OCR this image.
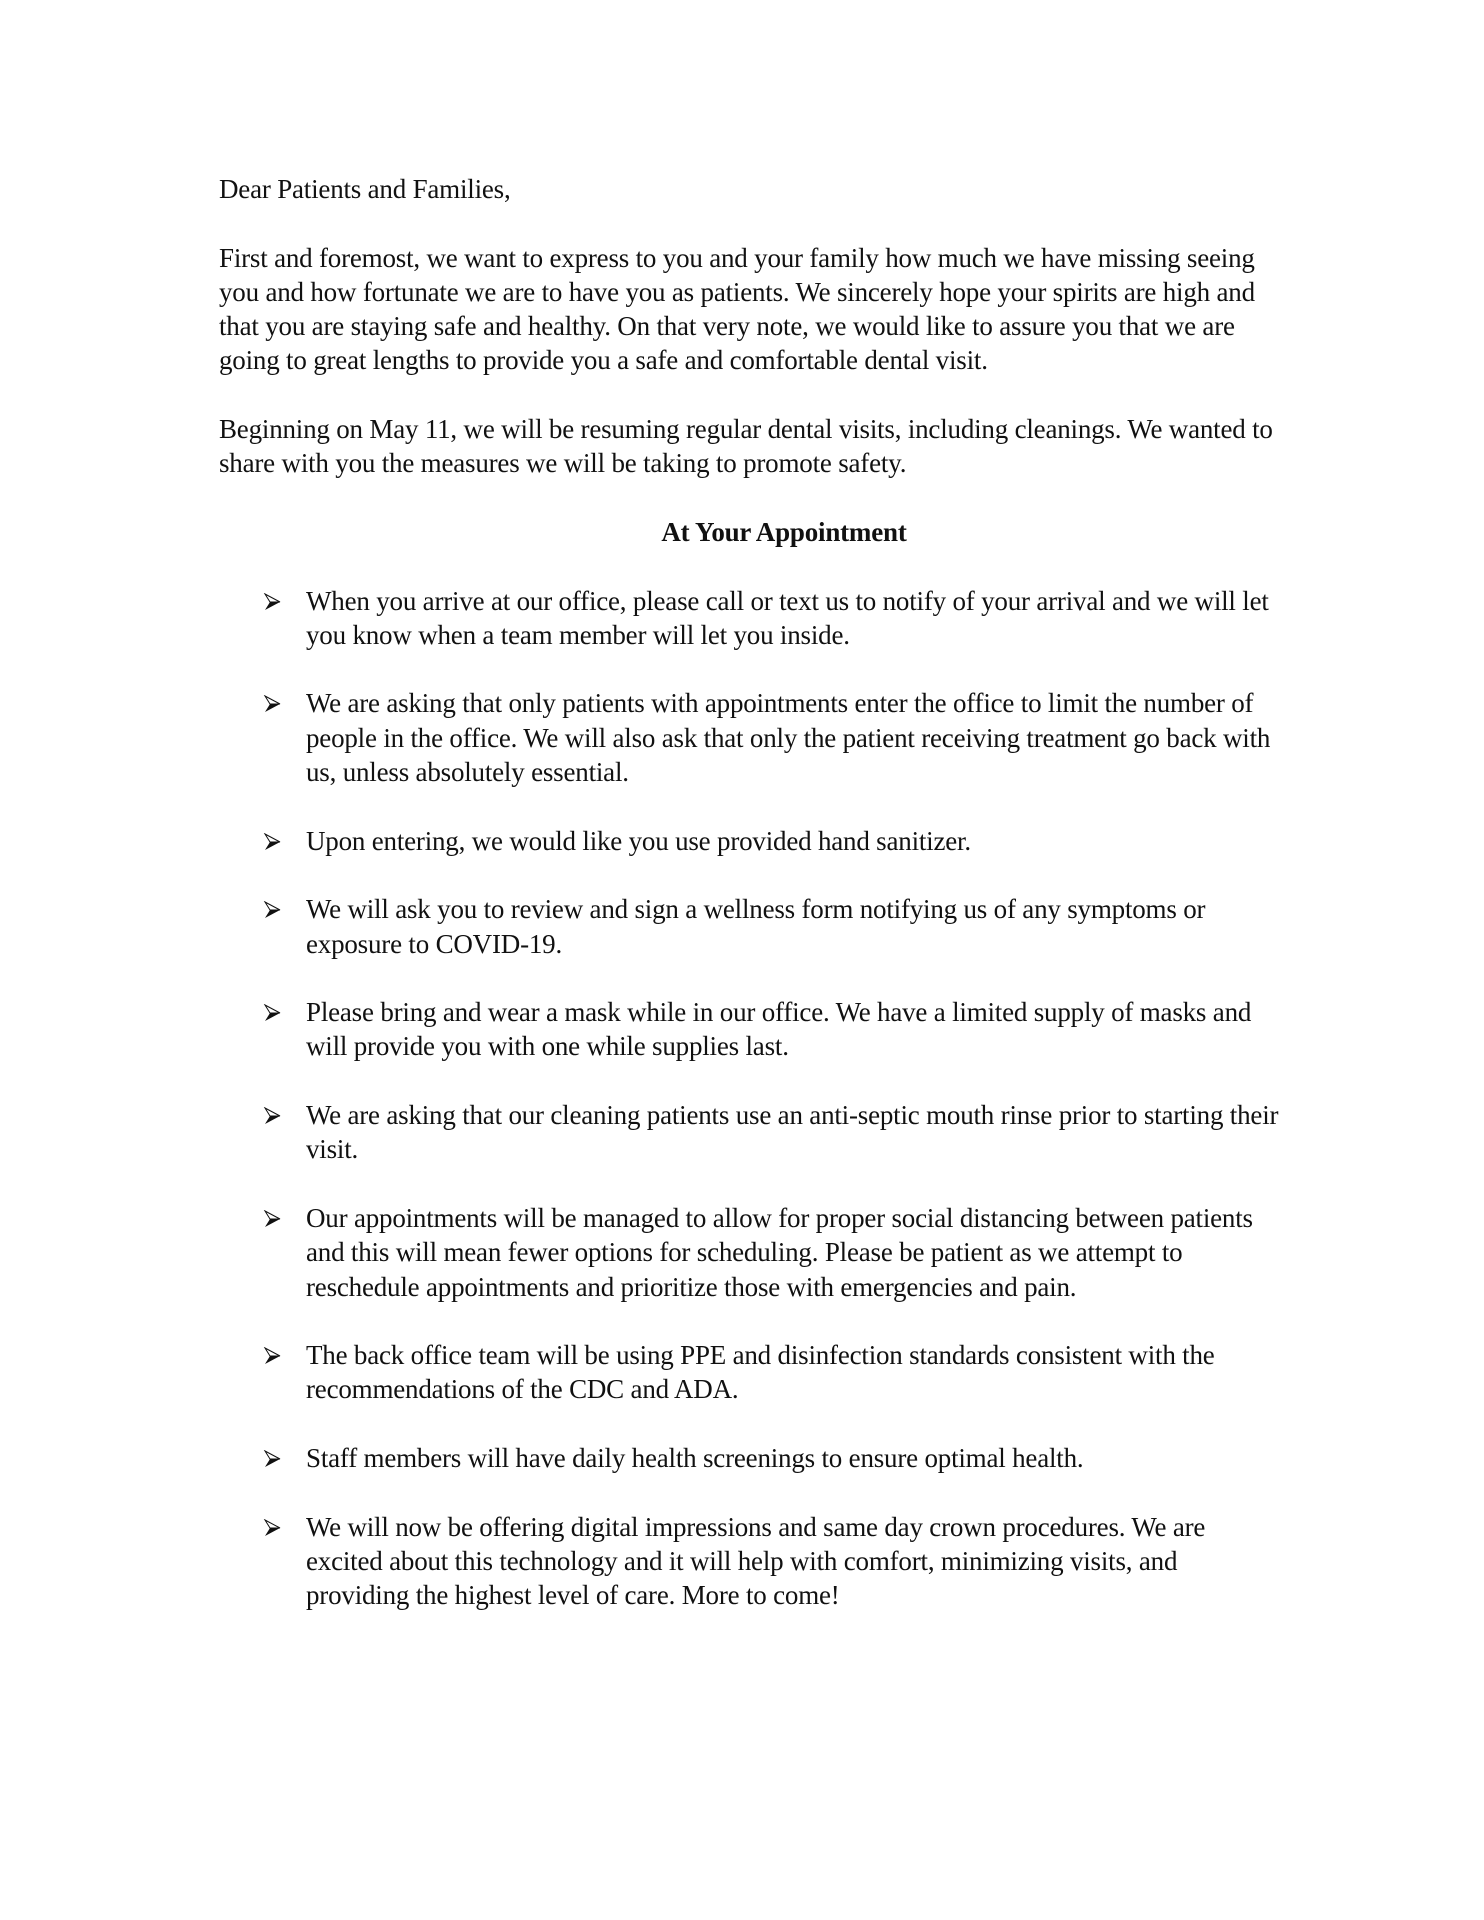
Dear Patients and Families,

First and foremost, we want to express to you and your family how much we have missing seeing you and how fortunate we are to have you as patients. We sincerely hope your spirits are high and that you are staying safe and healthy. On that very note, we would like to assure you that we are going to great lengths to provide you a safe and comfortable dental visit.

Beginning on May 11, we will be resuming regular dental visits, including cleanings. We wanted to share with you the measures we will be taking to promote safety.

At Your Appointment
When you arrive at our office, please call or text us to notify of your arrival and we will let you know when a team member will let you inside.
We are asking that only patients with appointments enter the office to limit the number of people in the office. We will also ask that only the patient receiving treatment go back with us, unless absolutely essential.
Upon entering, we would like you use provided hand sanitizer.
We will ask you to review and sign a wellness form notifying us of any symptoms or exposure to COVID-19.
Please bring and wear a mask while in our office. We have a limited supply of masks and will provide you with one while supplies last.
We are asking that our cleaning patients use an anti-septic mouth rinse prior to starting their visit.
Our appointments will be managed to allow for proper social distancing between patients and this will mean fewer options for scheduling. Please be patient as we attempt to reschedule appointments and prioritize those with emergencies and pain.
The back office team will be using PPE and disinfection standards consistent with the recommendations of the CDC and ADA.
Staff members will have daily health screenings to ensure optimal health.
We will now be offering digital impressions and same day crown procedures. We are excited about this technology and it will help with comfort, minimizing visits, and providing the highest level of care. More to come!
